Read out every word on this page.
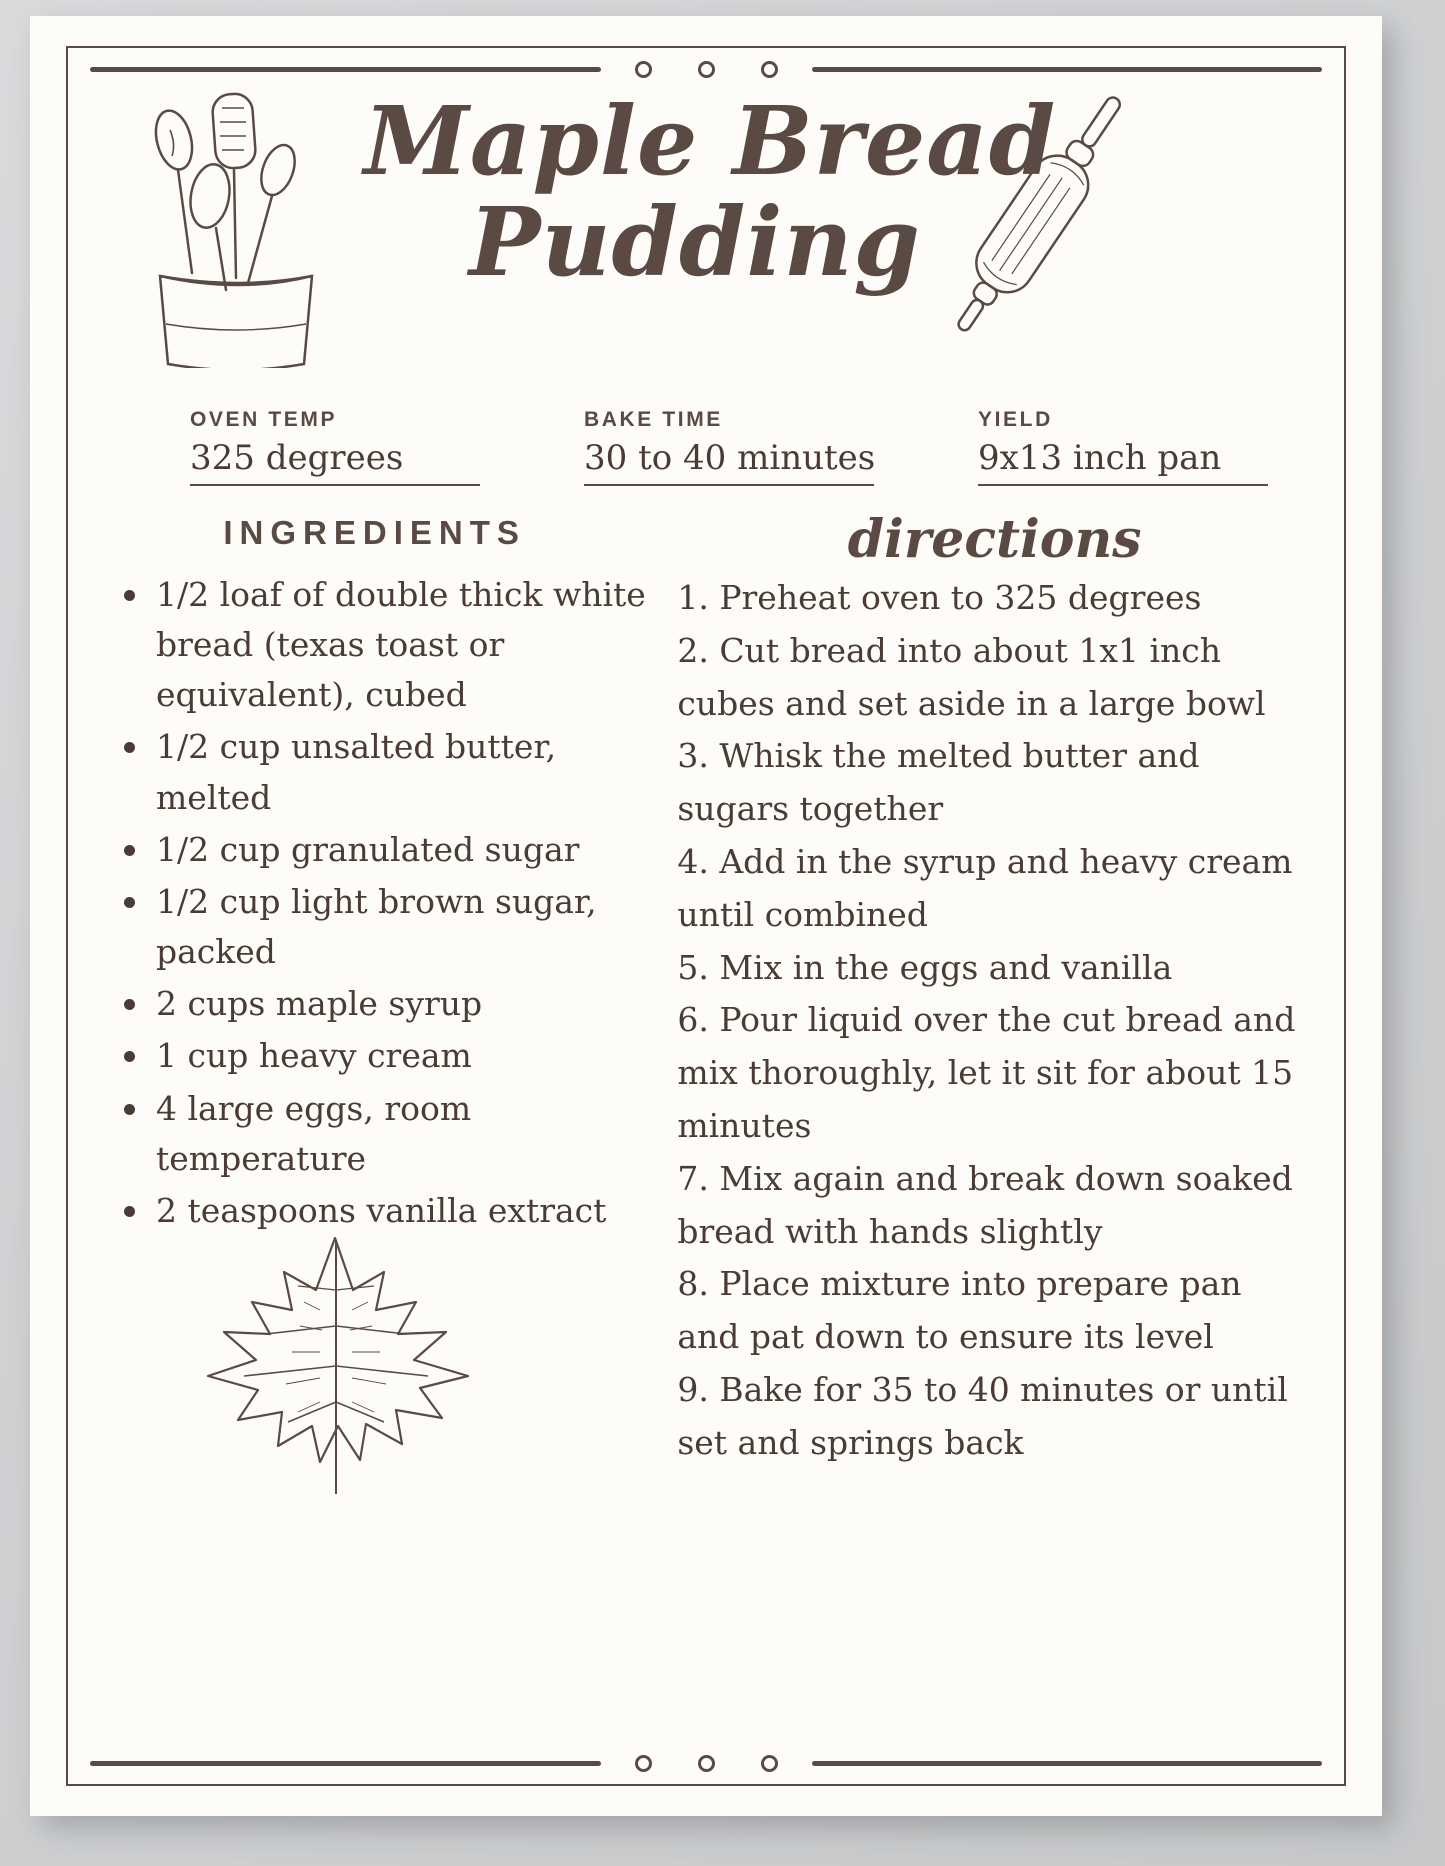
Maple Bread
Pudding
OVEN TEMP
325 degrees
BAKE TIME
30 to 40 minutes
YIELD
9x13 inch pan
INGREDIENTS
1/2 loaf of double thick white bread (texas toast or equivalent), cubed
1/2 cup unsalted butter, melted
1/2 cup granulated sugar
1/2 cup light brown sugar, packed
2 cups maple syrup
1 cup heavy cream
4 large eggs, room temperature
2 teaspoons vanilla extract
directions
Preheat oven to 325 degrees
Cut bread into about 1x1 inch cubes and set aside in a large bowl
Whisk the melted butter and sugars together
Add in the syrup and heavy cream until combined
Mix in the eggs and vanilla
Pour liquid over the cut bread and mix thoroughly, let it sit for about 15 minutes
Mix again and break down soaked bread with hands slightly
Place mixture into prepare pan and pat down to ensure its level
Bake for 35 to 40 minutes or until set and springs back
